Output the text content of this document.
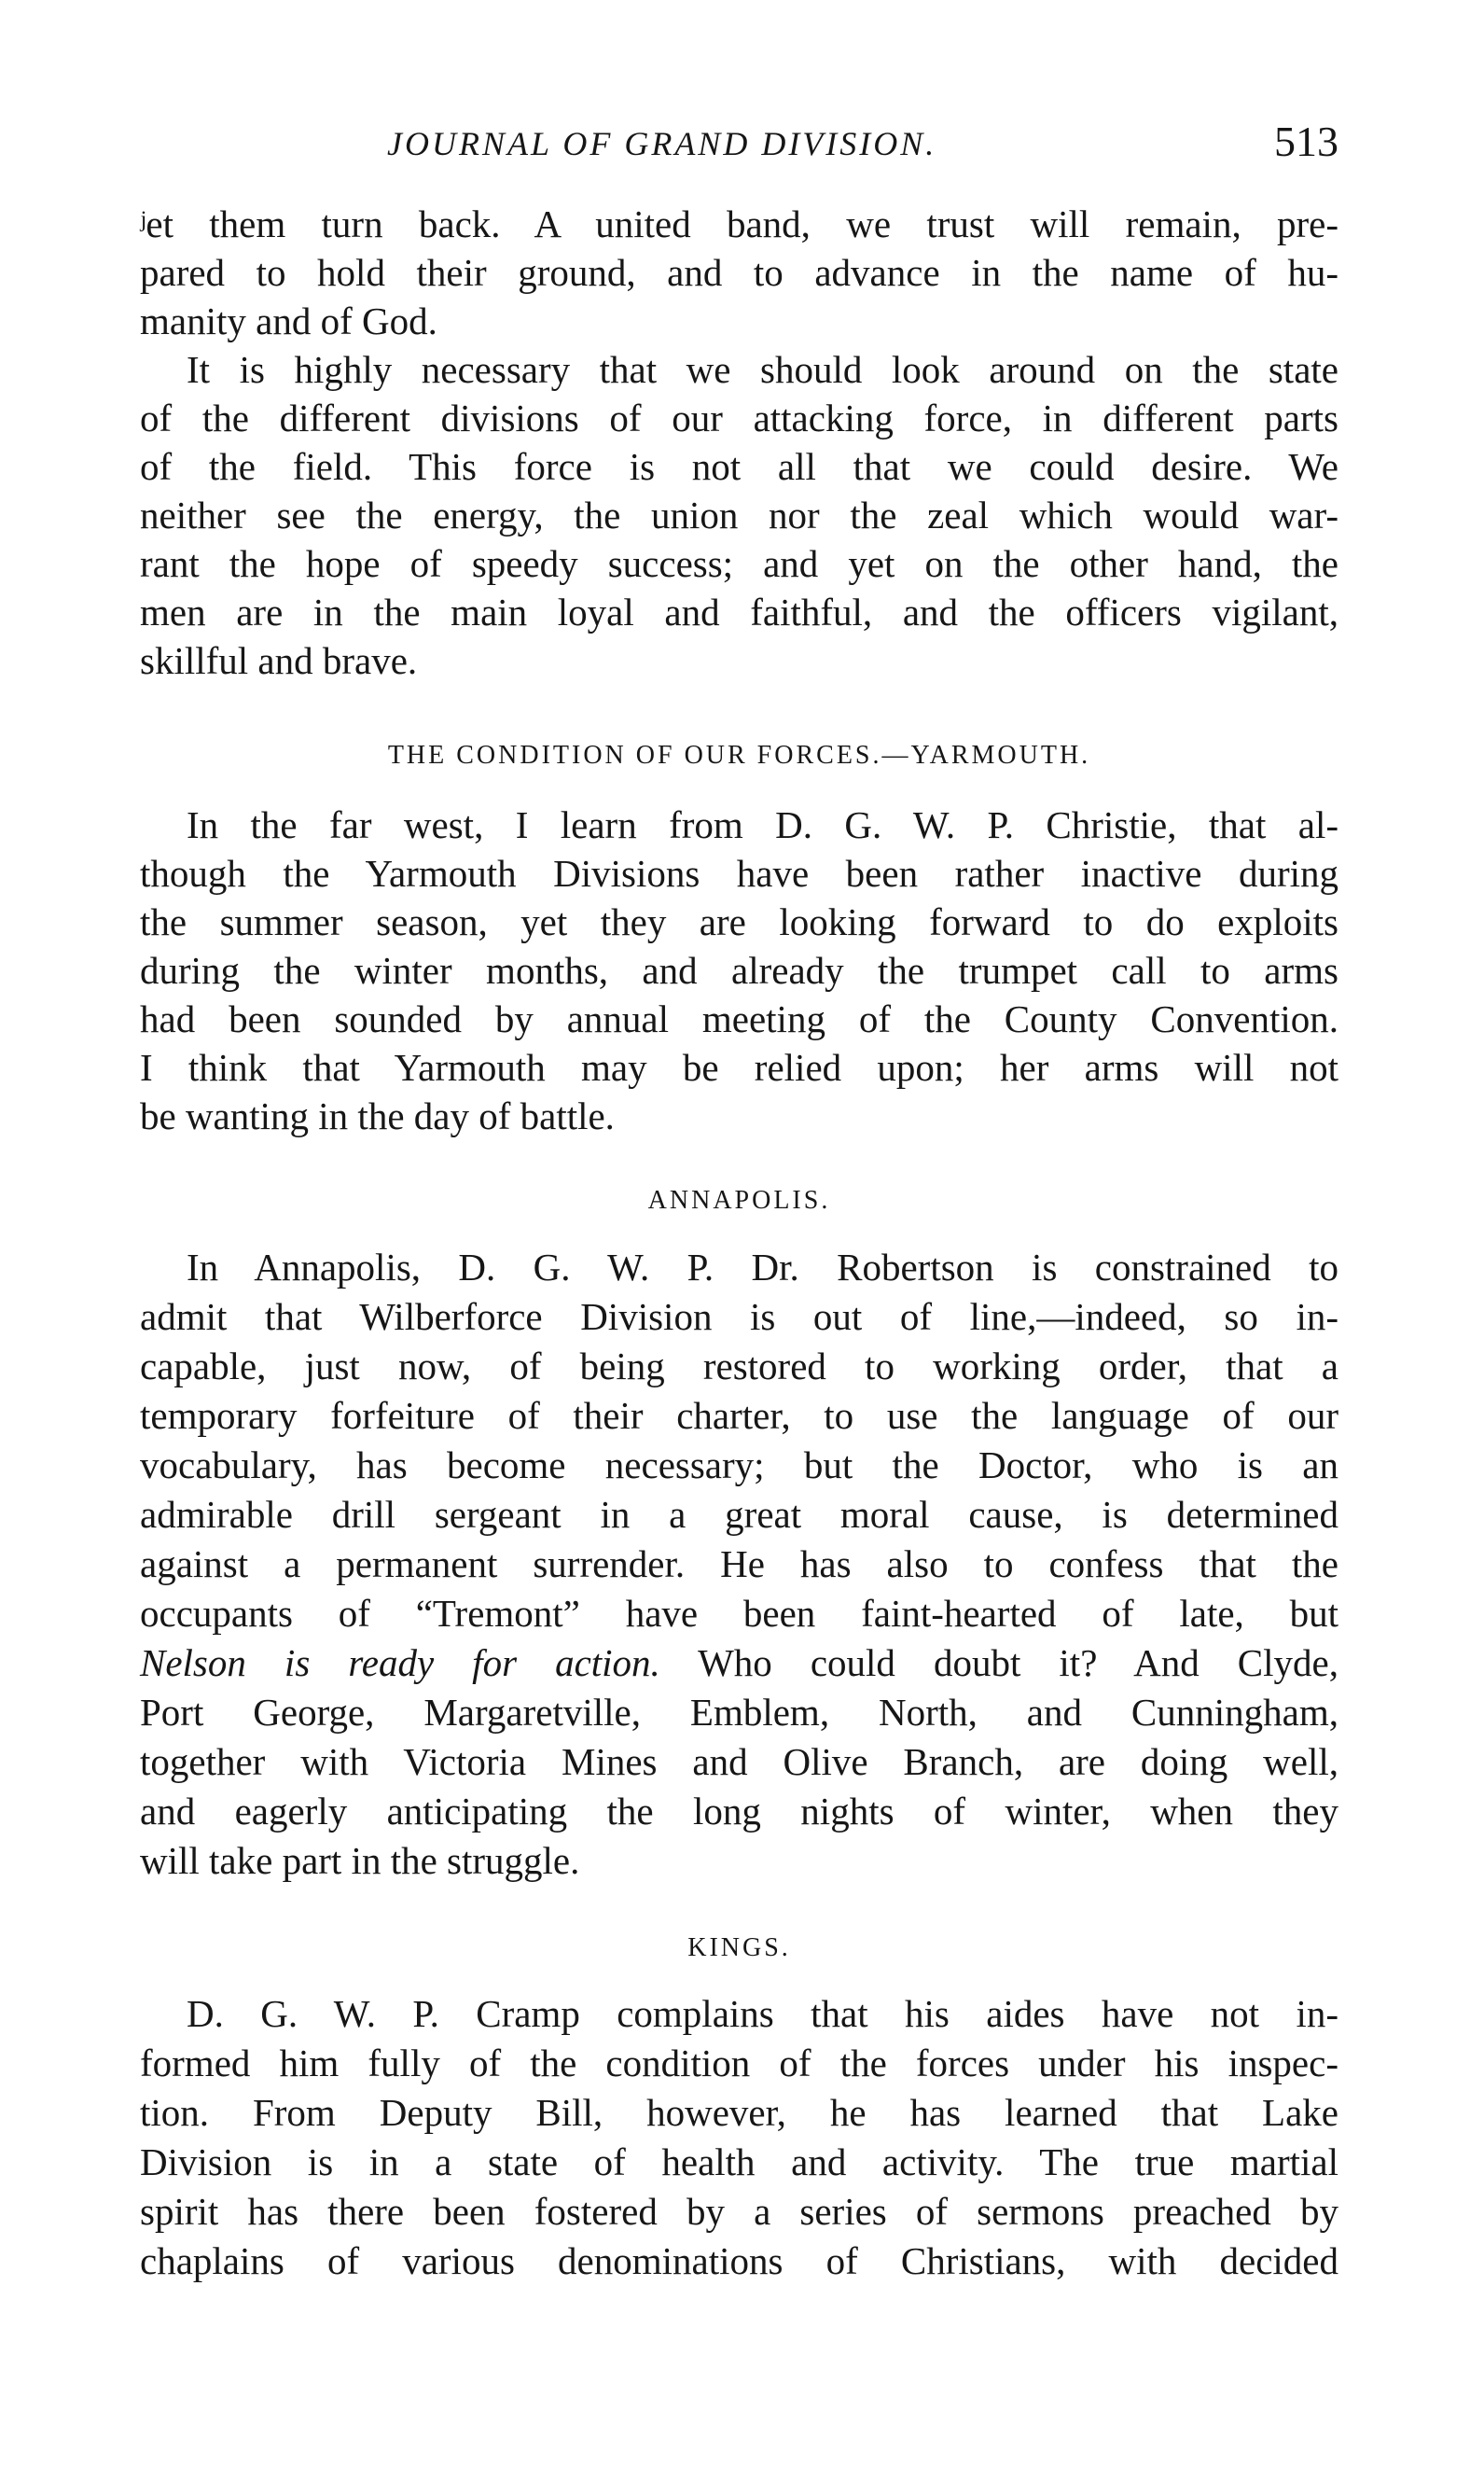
JOURNAL OF GRAND DIVISION.	513
ʲet them turn back. A united band, we trust will remain, pre-
pared to hold their ground, and to advance in the name of hu-
manity and of God.
It is highly necessary that we should look around on the state
of the different divisions of our attacking force, in different parts
of the field. This force is not all that we could desire. We
neither see the energy, the union nor the zeal which would war-
rant the hope of speedy success; and yet on the other hand, the
men are in the main loyal and faithful, and the officers vigilant,
skillful and brave.
THE CONDITION OF OUR FORCES.—YARMOUTH.
In the far west, I learn from D. G. W. P. Christie, that al-
though the Yarmouth Divisions have been rather inactive during
the summer season, yet they are looking forward to do exploits
during the winter months, and already the trumpet call to arms
had been sounded by annual meeting of the County Convention.
I think that Yarmouth may be relied upon; her arms will not
be wanting in the day of battle.
ANNAPOLIS.
In Annapolis, D. G. W. P. Dr. Robertson is constrained to
admit that Wilberforce Division is out of line,—indeed, so in-
capable, just now, of being restored to working order, that a
temporary forfeiture of their charter, to use the language of our
vocabulary, has become necessary; but the Doctor, who is an
admirable drill sergeant in a great moral cause, is determined
against a permanent surrender. He has also to confess that the
occupants of “Tremont” have been faint-hearted of late, but
Nelson is ready for action. Who could doubt it? And Clyde,
Port George, Margaretville, Emblem, North, and Cunningham,
together with Victoria Mines and Olive Branch, are doing well,
and eagerly anticipating the long nights of winter, when they
will take part in the struggle.
KINGS.
D. G. W. P. Cramp complains that his aides have not in-
formed him fully of the condition of the forces under his inspec-
tion. From Deputy Bill, however, he has learned that Lake
Division is in a state of health and activity. The true martial
spirit has there been fostered by a series of sermons preached by
chaplains of various denominations of Christians, with decided
